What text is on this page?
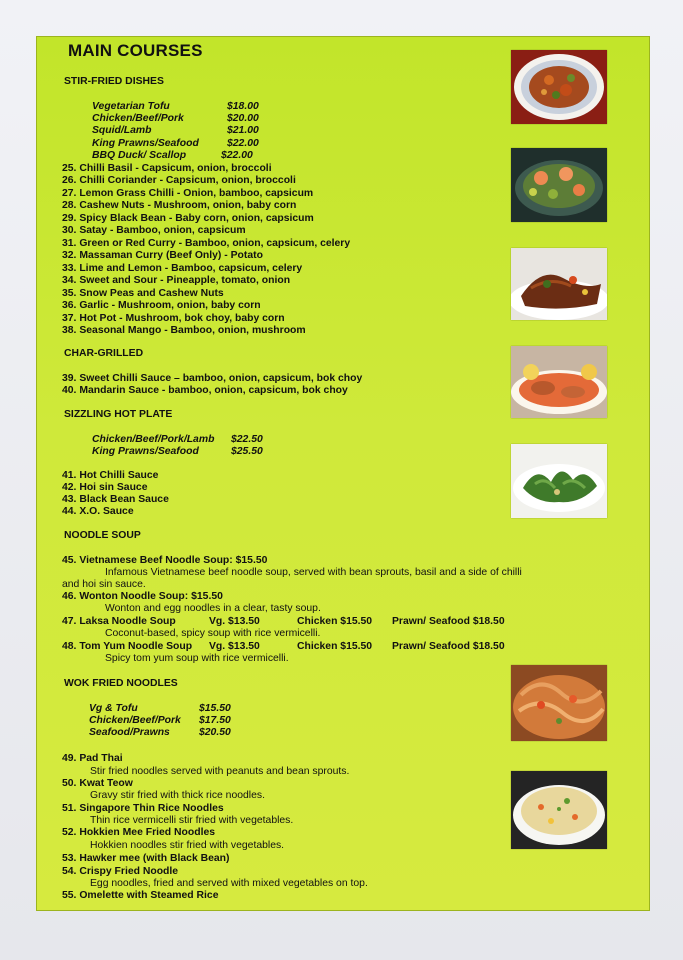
MAIN COURSES
STIR-FRIED DISHES
Vegetarian Tofu	$18.00
Chicken/Beef/Pork	$20.00
Squid/Lamb	$21.00
King Prawns/Seafood	$22.00
BBQ Duck/ Scallop	$22.00
25. Chilli Basil - Capsicum, onion, broccoli
26. Chilli Coriander - Capsicum, onion, broccoli
27. Lemon Grass Chilli - Onion, bamboo, capsicum
28. Cashew Nuts - Mushroom, onion, baby corn
29. Spicy Black Bean - Baby corn, onion, capsicum
30. Satay - Bamboo, onion, capsicum
31. Green or Red Curry - Bamboo, onion, capsicum, celery
32. Massaman Curry (Beef Only) - Potato
33. Lime and Lemon - Bamboo, capsicum, celery
34. Sweet and Sour - Pineapple, tomato, onion
35. Snow Peas and Cashew Nuts
36. Garlic - Mushroom, onion, baby corn
37. Hot Pot - Mushroom, bok choy, baby corn
38. Seasonal Mango - Bamboo, onion, mushroom
CHAR-GRILLED
39. Sweet Chilli Sauce – bamboo, onion, capsicum, bok choy
40. Mandarin Sauce - bamboo, onion, capsicum, bok choy
SIZZLING HOT PLATE
Chicken/Beef/Pork/Lamb $22.50
King Prawns/Seafood	$25.50
41. Hot Chilli Sauce
42. Hoi sin Sauce
43. Black Bean Sauce
44. X.O. Sauce
NOODLE SOUP
45. Vietnamese Beef Noodle Soup: $15.50
Infamous Vietnamese beef noodle soup, served with bean sprouts, basil and a side of chilli
and hoi sin sauce.
46. Wonton Noodle Soup: $15.50
Wonton and egg noodles in a clear, tasty soup.
47. Laksa Noodle Soup	Vg. $13.50	Chicken $15.50 Prawn/ Seafood $18.50
Coconut-based, spicy soup with rice vermicelli.
48. Tom Yum Noodle Soup Vg. $13.50	Chicken $15.50 Prawn/ Seafood $18.50
Spicy tom yum soup with rice vermicelli.
WOK FRIED NOODLES
Vg & Tofu	$15.50
Chicken/Beef/Pork $17.50
Seafood/Prawns	$20.50
49. Pad Thai
Stir fried noodles served with peanuts and bean sprouts.
50. Kwat Teow
Gravy stir fried with thick rice noodles.
51. Singapore Thin Rice Noodles
Thin rice vermicelli stir fried with vegetables.
52. Hokkien Mee Fried Noodles
Hokkien noodles stir fried with vegetables.
53. Hawker mee (with Black Bean)
54. Crispy Fried Noodle
Egg noodles, fried and served with mixed vegetables on top.
55. Omelette with Steamed Rice
